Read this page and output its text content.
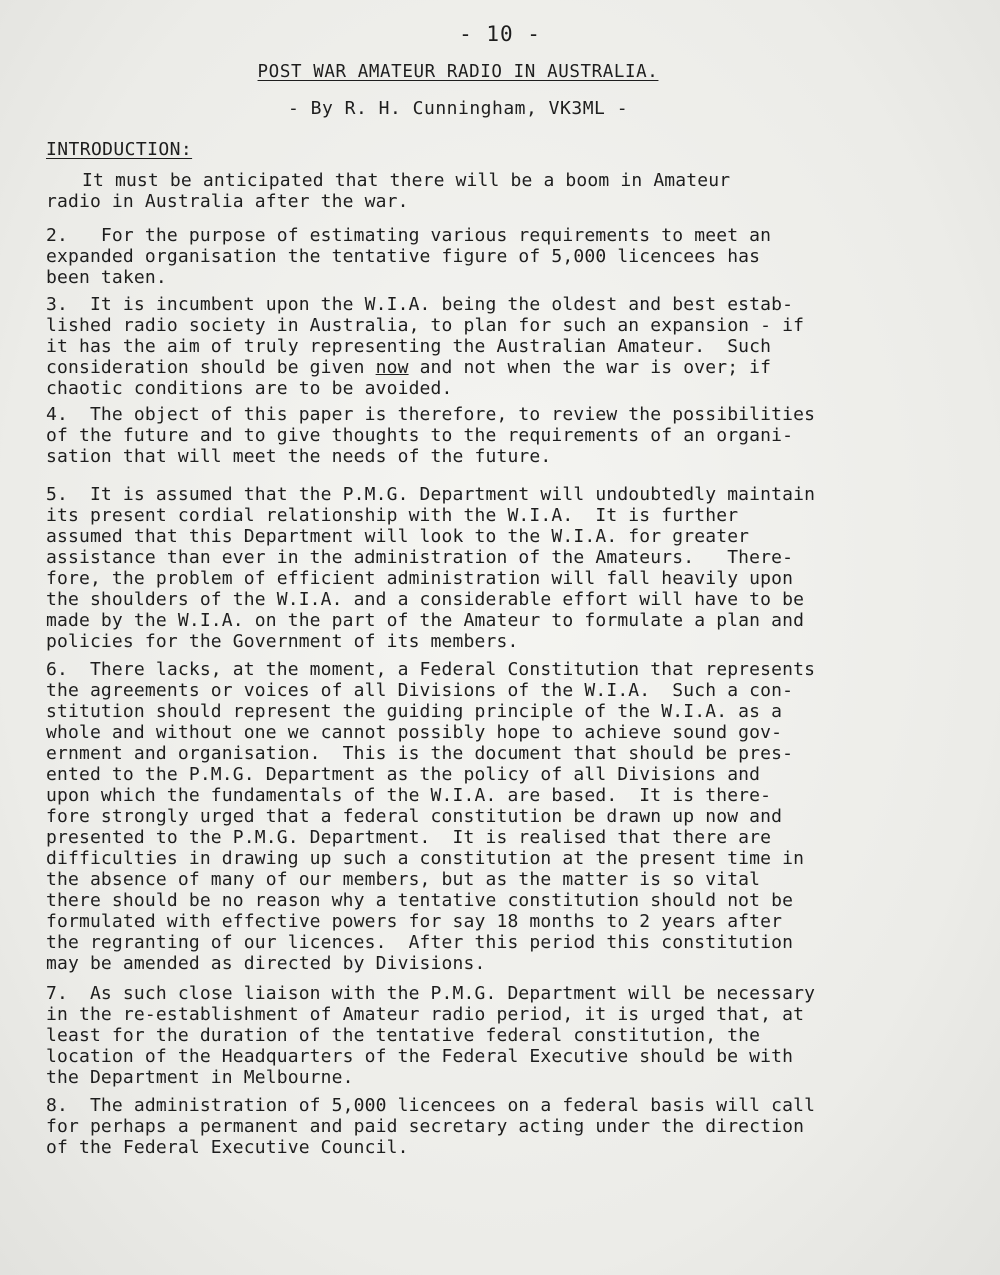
- 10 -
POST WAR AMATEUR RADIO IN AUSTRALIA.
- By R. H. Cunningham, VK3ML -
INTRODUCTION:
It must be anticipated that there will be a boom in Amateur
radio in Australia after the war.
2.   For the purpose of estimating various requirements to meet an
expanded organisation the tentative figure of 5,000 licencees has
been taken.
3.  It is incumbent upon the W.I.A. being the oldest and best estab-
lished radio society in Australia, to plan for such an expansion - if
it has the aim of truly representing the Australian Amateur.  Such
consideration should be given now and not when the war is over; if
chaotic conditions are to be avoided.
4.  The object of this paper is therefore, to review the possibilities
of the future and to give thoughts to the requirements of an organi-
sation that will meet the needs of the future.
5.  It is assumed that the P.M.G. Department will undoubtedly maintain
its present cordial relationship with the W.I.A.  It is further
assumed that this Department will look to the W.I.A. for greater
assistance than ever in the administration of the Amateurs.   There-
fore, the problem of efficient administration will fall heavily upon
the shoulders of the W.I.A. and a considerable effort will have to be
made by the W.I.A. on the part of the Amateur to formulate a plan and
policies for the Government of its members.
6.  There lacks, at the moment, a Federal Constitution that represents
the agreements or voices of all Divisions of the W.I.A.  Such a con-
stitution should represent the guiding principle of the W.I.A. as a
whole and without one we cannot possibly hope to achieve sound gov-
ernment and organisation.  This is the document that should be pres-
ented to the P.M.G. Department as the policy of all Divisions and
upon which the fundamentals of the W.I.A. are based.  It is there-
fore strongly urged that a federal constitution be drawn up now and
presented to the P.M.G. Department.  It is realised that there are
difficulties in drawing up such a constitution at the present time in
the absence of many of our members, but as the matter is so vital
there should be no reason why a tentative constitution should not be
formulated with effective powers for say 18 months to 2 years after
the regranting of our licences.  After this period this constitution
may be amended as directed by Divisions.
7.  As such close liaison with the P.M.G. Department will be necessary
in the re-establishment of Amateur radio period, it is urged that, at
least for the duration of the tentative federal constitution, the
location of the Headquarters of the Federal Executive should be with
the Department in Melbourne.
8.  The administration of 5,000 licencees on a federal basis will call
for perhaps a permanent and paid secretary acting under the direction
of the Federal Executive Council.
